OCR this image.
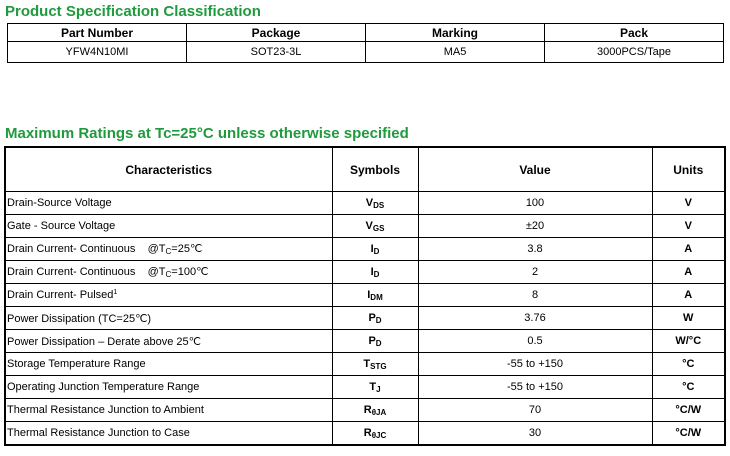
Product Specification Classification
Part Number	Package	Marking	Pack
YFW4N10MI	SOT23-3L	MA5	3000PCS/Tape
Maximum Ratings at Tc=25°C unless otherwise specified
Characteristics	Symbols	Value	Units
Drain-Source Voltage	$V_{DS}$	100	V
Gate - Source Voltage	$V_{GS}$	±20	V
Drain Current- Continuous    $@T_C=25℃$	$I_D$	3.8	A
Drain Current- Continuous    $@T_C=100℃$	$I_D$	2	A
Drain Current- Pulsed$^1$	$I_{DM}$	8	A
Power Dissipation (TC=25℃)	$P_D$	3.76	W
Power Dissipation – Derate above 25℃	$P_D$	0.5	W/°C
Storage Temperature Range	$T_{STG}$	-55 to +150	°C
Operating Junction Temperature Range	$T_J$	-55 to +150	°C
Thermal Resistance Junction to Ambient	$R_{\theta JA}$	70	°C/W
Thermal Resistance Junction to Case	$R_{\theta JC}$	30	°C/W
